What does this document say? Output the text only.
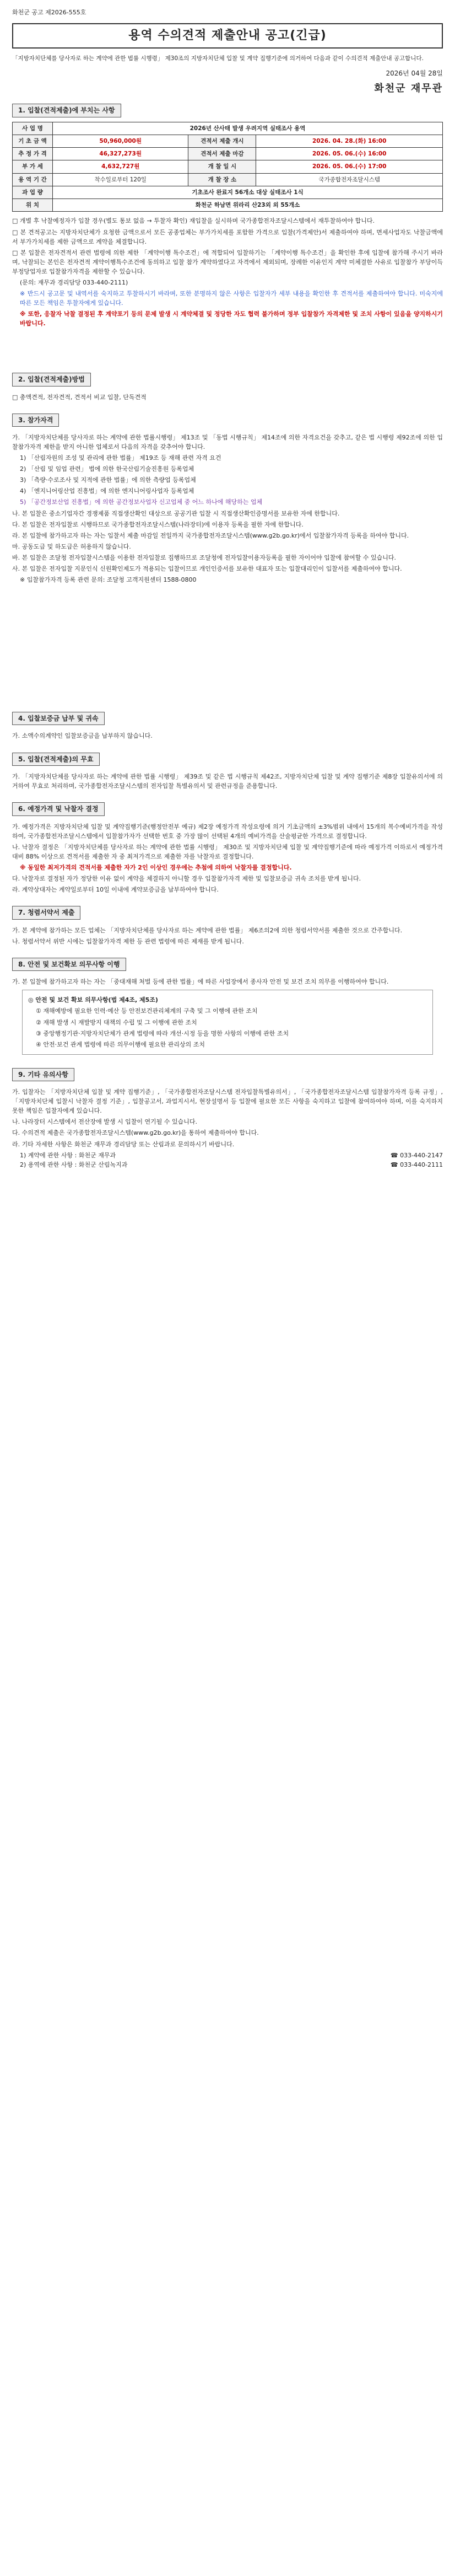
화천군 공고 제2026-555호
용역 수의견적 제출안내 공고(긴급)

「지방자치단체를 당사자로 하는 계약에 관한 법률 시행령」 제30조의 지방자치단체 입찰 및 계약 집행기준에 의거하여 다음과 같이 수의견적 제출안내 공고합니다.

2026년 04월 28일
화천군 재무관
1. 입찰(견적제출)에 부치는 사항
사 업 명	2026년 산사태 발생 우려지역 실태조사 용역		
기 초 금 액	50,960,000원	견적서 제출 개시	2026. 04. 28.(화) 16:00
추 정 가 격	46,327,273원	견적서 제출 마감	2026. 05. 06.(수) 16:00
부 가 세	4,632,727원	개 찰 일 시	2026. 05. 06.(수) 17:00
용 역 기 간	착수일로부터 120일	개 찰 장 소	국가종합전자조달시스템
과 업 량	기초조사 완료지 56개소 대상 실태조사 1식		
위 치	화천군 하남면 위라리 산23외 외 55개소		

□ 개별 후 낙찰예정자가 입찰 경우(별도 통보 없음 → 투찰자 확인) 재입찰을 실시하며 국가종합전자조달시스템에서 재투찰하여야 합니다.

□ 본 견적공고는 지방자치단체가 요청한 금액으로서 모든 공종업체는 부가가치세를 포함한 가격으로 입찰(가격제안)서 제출하여야 하며, 면세사업자도 낙찰금액에서 부가가치세를 제한 금액으로 계약을 체결합니다.

□ 본 입찰은 전자견적서 관련 법령에 의한 제한 「계약이행 특수조건」에 적합되어 입찰하기는 「계약이행 특수조건」을 확인한 후에 입찰에 참가해 주시기 바라며, 낙찰되는 본인은 전자견적 계약이행특수조건에 동의하고 입찰 참가 계약하였다고 자격에서 제외되며, 장례한 이유인지 계약 미체결한 사유로 입찰참가 부당이득 부정당업자로 입찰참가자격을 제한할 수 있습니다.

(문의: 재무과 경리담당 033-440-2111)

※ 반드시 공고문 및 내역서를 숙지하고 투찰하시기 바라며, 또한 분명하지 않은 사항은 입찰자가 세부 내용을 확인한 후 견적서를 제출하여야 합니다. 미숙지에 따른 모든 책임은 투찰자에게 있습니다.

※ 또한, 응찰자 낙찰 결정된 후 계약포기 등의 문제 발생 시 계약체결 및 정당한 자도 협력 불가하며 정부 입찰참가 자격제한 및 조치 사항이 있음을 양지하시기 바랍니다.

2. 입찰(견적제출)방법

□ 총액견적, 전자견적, 견적서 비교 입찰, 단독견적

3. 참가자격

가. 「지방자치단체를 당사자로 하는 계약에 관한 법률시행령」 제13조 및 「동법 시행규칙」 제14조에 의한 자격요건을 갖추고, 같은 법 시행령 제92조에 의한 입찰참가자격 제한을 받지 아니한 업체로서 다음의 자격을 갖추어야 합니다.

1) 「산림자원의 조성 및 관리에 관한 법률」 제19조 등 재해 관련 자격 요건

2) 「산림 및 임업 관련」 법에 의한 한국산림기술진흥원 등록업체

3) 「측량·수로조사 및 지적에 관한 법률」에 의한 측량업 등록업체

4) 「엔지니어링산업 진흥법」에 의한 엔지니어링사업자 등록업체

5) 「공간정보산업 진흥법」에 의한 공간정보사업자 신고업체 중 어느 하나에 해당하는 업체

나. 본 입찰은 중소기업자간 경쟁제품 직접생산확인 대상으로 공공기관 입찰 시 직접생산확인증명서를 보유한 자에 한합니다.

다. 본 입찰은 전자입찰로 시행하므로 국가종합전자조달시스템(나라장터)에 이용자 등록을 필한 자에 한합니다.

라. 본 입찰에 참가하고자 하는 자는 입찰서 제출 마감일 전일까지 국가종합전자조달시스템(www.g2b.go.kr)에서 입찰참가자격 등록을 하여야 합니다.

마. 공동도급 및 하도급은 허용하지 않습니다.

바. 본 입찰은 조달청 전자입찰시스템을 이용한 전자입찰로 집행하므로 조달청에 전자입찰이용자등록을 필한 자이어야 입찰에 참여할 수 있습니다.

사. 본 입찰은 전자입찰 지문인식 신원확인제도가 적용되는 입찰이므로 개인인증서를 보유한 대표자 또는 입찰대리인이 입찰서를 제출하여야 합니다.

※ 입찰참가자격 등록 관련 문의: 조달청 고객지원센터 1588-0800

4. 입찰보증금 납부 및 귀속

가. 소액수의계약인 입찰보증금을 납부하지 않습니다.

5. 입찰(견적제출)의 무효

가. 「지방자치단체를 당사자로 하는 계약에 관한 법률 시행령」 제39조 및 같은 법 시행규칙 제42조, 지방자치단체 입찰 및 계약 집행기준 제8장 입찰유의서에 의거하여 무효로 처리하며, 국가종합전자조달시스템의 전자입찰 특별유의서 및 관련규정을 준용합니다.

6. 예정가격 및 낙찰자 결정

가. 예정가격은 지방자치단체 입찰 및 계약집행기준(행정안전부 예규) 제2장 예정가격 작성요령에 의거 기초금액의 ±3%범위 내에서 15개의 복수예비가격을 작성하여, 국가종합전자조달시스템에서 입찰참가자가 선택한 번호 중 가장 많이 선택된 4개의 예비가격을 산술평균한 가격으로 결정합니다.

나. 낙찰자 결정은 「지방자치단체를 당사자로 하는 계약에 관한 법률 시행령」 제30조 및 지방자치단체 입찰 및 계약집행기준에 따라 예정가격 이하로서 예정가격 대비 88% 이상으로 견적서를 제출한 자 중 최저가격으로 제출한 자를 낙찰자로 결정합니다.

※ 동일한 최저가격의 견적서를 제출한 자가 2인 이상인 경우에는 추첨에 의하여 낙찰자를 결정합니다.

다. 낙찰자로 결정된 자가 정당한 이유 없이 계약을 체결하지 아니할 경우 입찰참가자격 제한 및 입찰보증금 귀속 조치를 받게 됩니다.

라. 계약상대자는 계약일로부터 10일 이내에 계약보증금을 납부하여야 합니다.

7. 청렴서약서 제출

가. 본 계약에 참가하는 모든 업체는 「지방자치단체를 당사자로 하는 계약에 관한 법률」 제6조의2에 의한 청렴서약서를 제출한 것으로 간주합니다.

나. 청렴서약서 위반 시에는 입찰참가자격 제한 등 관련 법령에 따른 제재를 받게 됩니다.

8. 안전 및 보건확보 의무사항 이행

가. 본 입찰에 참가하고자 하는 자는 「중대재해 처벌 등에 관한 법률」에 따른 사업장에서 종사자 안전 및 보건 조치 의무를 이행하여야 합니다.

◎ 안전 및 보건 확보 의무사항(법 제4조, 제5조)

① 재해예방에 필요한 인력·예산 등 안전보건관리체계의 구축 및 그 이행에 관한 조치

② 재해 발생 시 재발방지 대책의 수립 및 그 이행에 관한 조치

③ 중앙행정기관·지방자치단체가 관계 법령에 따라 개선·시정 등을 명한 사항의 이행에 관한 조치

④ 안전·보건 관계 법령에 따른 의무이행에 필요한 관리상의 조치

9. 기타 유의사항

가. 입찰자는 「지방자치단체 입찰 및 계약 집행기준」, 「국가종합전자조달시스템 전자입찰특별유의서」, 「국가종합전자조달시스템 입찰참가자격 등록 규정」, 「지방자치단체 입찰시 낙찰자 결정 기준」, 입찰공고서, 과업지시서, 현장설명서 등 입찰에 필요한 모든 사항을 숙지하고 입찰에 참여하여야 하며, 이를 숙지하지 못한 책임은 입찰자에게 있습니다.

나. 나라장터 시스템에서 전산장애 발생 시 입찰이 연기될 수 있습니다.

다. 수의견적 제출은 국가종합전자조달시스템(www.g2b.go.kr)을 통하여 제출하여야 합니다.

라. 기타 자세한 사항은 화천군 재무과 경리담당 또는 산림과로 문의하시기 바랍니다.

1) 계약에 관한 사항 : 화천군 재무과	☎ 033-440-2147
2) 용역에 관한 사항 : 화천군 산림녹지과	☎ 033-440-2111
